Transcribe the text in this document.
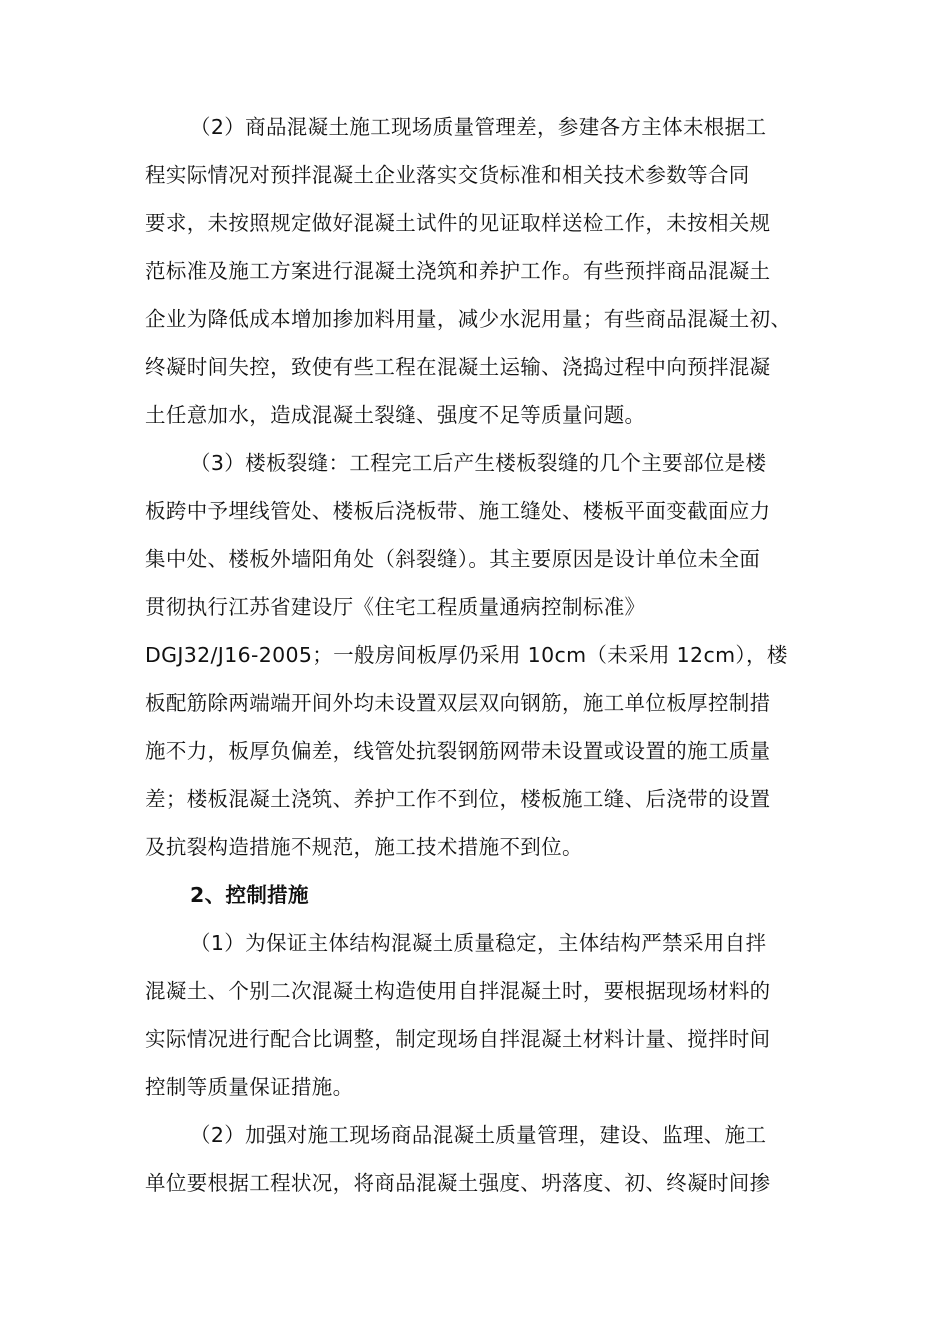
（2）商品混凝土施工现场质量管理差，参建各方主体未根据工
程实际情况对预拌混凝土企业落实交货标准和相关技术参数等合同
要求，未按照规定做好混凝土试件的见证取样送检工作，未按相关规
范标准及施工方案进行混凝土浇筑和养护工作。有些预拌商品混凝土
企业为降低成本增加掺加料用量，减少水泥用量；有些商品混凝土初、
终凝时间失控，致使有些工程在混凝土运输、浇捣过程中向预拌混凝
土任意加水，造成混凝土裂缝、强度不足等质量问题。
（3）楼板裂缝：工程完工后产生楼板裂缝的几个主要部位是楼
板跨中予埋线管处、楼板后浇板带、施工缝处、楼板平面变截面应力
集中处、楼板外墙阳角处（斜裂缝）。其主要原因是设计单位未全面
贯彻执行江苏省建设厅《住宅工程质量通病控制标准》
DGJ32/J16-2005；一般房间板厚仍采用 10cm（未采用 12cm），楼
板配筋除两端端开间外均未设置双层双向钢筋，施工单位板厚控制措
施不力，板厚负偏差，线管处抗裂钢筋网带未设置或设置的施工质量
差；楼板混凝土浇筑、养护工作不到位，楼板施工缝、后浇带的设置
及抗裂构造措施不规范，施工技术措施不到位。
2、控制措施
（1）为保证主体结构混凝土质量稳定，主体结构严禁采用自拌
混凝土、个别二次混凝土构造使用自拌混凝土时，要根据现场材料的
实际情况进行配合比调整，制定现场自拌混凝土材料计量、搅拌时间
控制等质量保证措施。
（2）加强对施工现场商品混凝土质量管理，建设、监理、施工
单位要根据工程状况，将商品混凝土强度、坍落度、初、终凝时间掺
